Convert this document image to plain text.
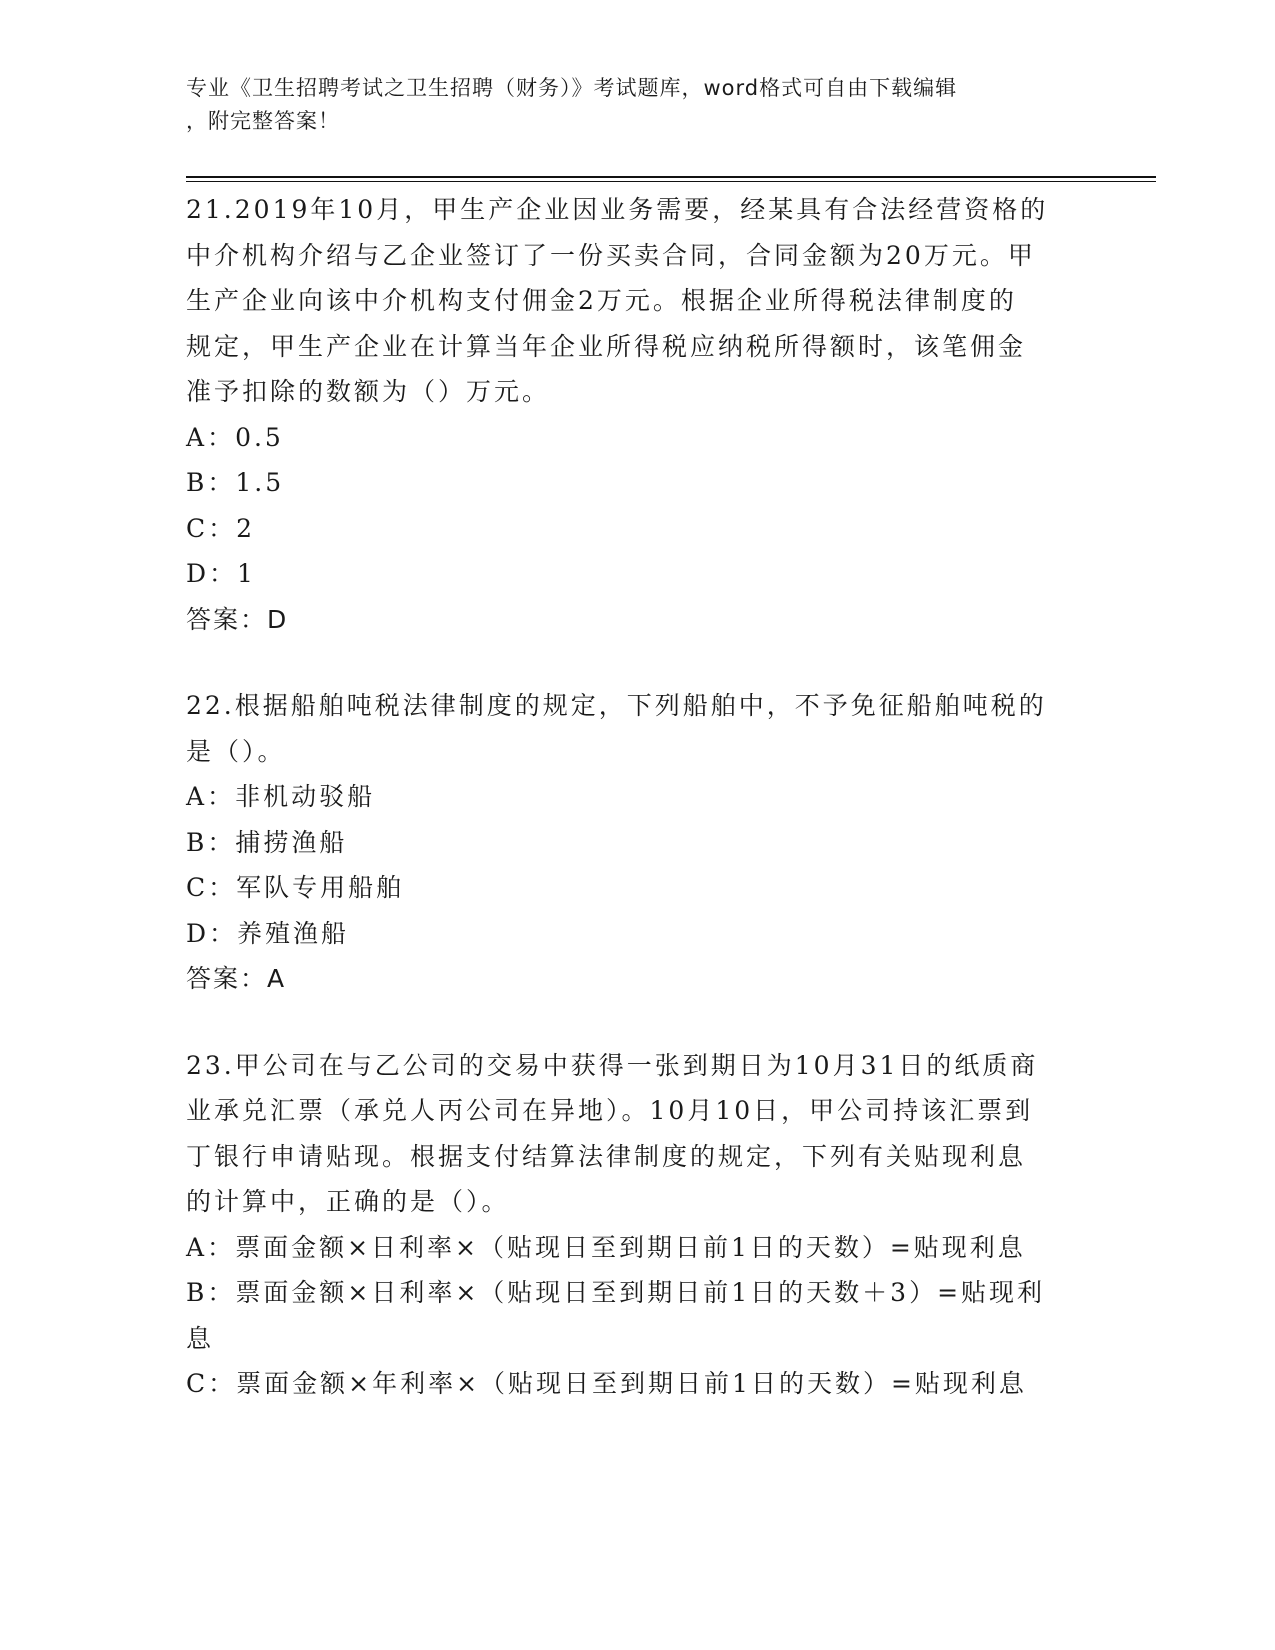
专业《卫生招聘考试之卫生招聘（财务）》考试题库，word格式可自由下载编辑
，附完整答案！

21.2019年10月，甲生产企业因业务需要，经某具有合法经营资格的

中介机构介绍与乙企业签订了一份买卖合同，合同金额为20万元。甲

生产企业向该中介机构支付佣金2万元。根据企业所得税法律制度的

规定，甲生产企业在计算当年企业所得税应纳税所得额时，该笔佣金

准予扣除的数额为（）万元。

A：0.5

B：1.5

C：2

D：1

答案：D

22.根据船舶吨税法律制度的规定，下列船舶中，不予免征船舶吨税的

是（）。

A：非机动驳船

B：捕捞渔船

C：军队专用船舶

D：养殖渔船

答案：A

23.甲公司在与乙公司的交易中获得一张到期日为10月31日的纸质商

业承兑汇票（承兑人丙公司在异地）。10月10日，甲公司持该汇票到

丁银行申请贴现。根据支付结算法律制度的规定，下列有关贴现利息

的计算中，正确的是（）。

A：票面金额×日利率×（贴现日至到期日前1日的天数）=贴现利息

B：票面金额×日利率×（贴现日至到期日前1日的天数＋3）=贴现利

息

C：票面金额×年利率×（贴现日至到期日前1日的天数）=贴现利息
